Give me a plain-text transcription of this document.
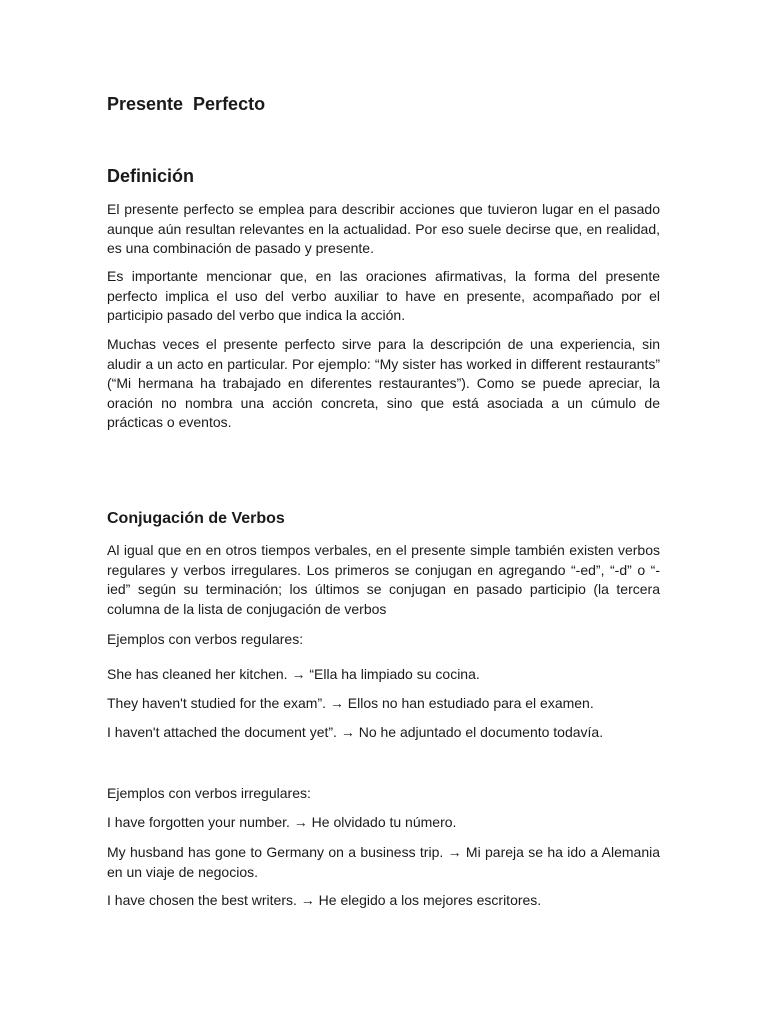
Presente  Perfecto
Definición

El presente perfecto se emplea para describir acciones que tuvieron lugar en el pasado aunque aún resultan relevantes en la actualidad. Por eso suele decirse que, en realidad, es una combinación de pasado y presente.

Es importante mencionar que, en las oraciones afirmativas, la forma del presente perfecto implica el uso del verbo auxiliar to have en presente, acompañado por el participio pasado del verbo que indica la acción.

Muchas veces el presente perfecto sirve para la descripción de una experiencia, sin aludir a un acto en particular. Por ejemplo: “My sister has worked in different restaurants” (“Mi hermana ha trabajado en diferentes restaurantes”). Como se puede apreciar, la oración no nombra una acción concreta, sino que está asociada a un cúmulo de prácticas o eventos.

Conjugación de Verbos

Al igual que en en otros tiempos verbales, en el presente simple también existen verbos regulares y verbos irregulares. Los primeros se conjugan en agregando “-ed”, “-d” o “-ied” según su terminación; los últimos se conjugan en pasado participio (la tercera columna de la lista de conjugación de verbos

Ejemplos con verbos regulares:

She has cleaned her kitchen. → “Ella ha limpiado su cocina.

They haven't studied for the exam”. → Ellos no han estudiado para el examen.

I haven't attached the document yet”. → No he adjuntado el documento todavía.

Ejemplos con verbos irregulares:

I have forgotten your number. → He olvidado tu número.

My husband has gone to Germany on a business trip. → Mi pareja se ha ido a Alemania en un viaje de negocios.

I have chosen the best writers. → He elegido a los mejores escritores.
